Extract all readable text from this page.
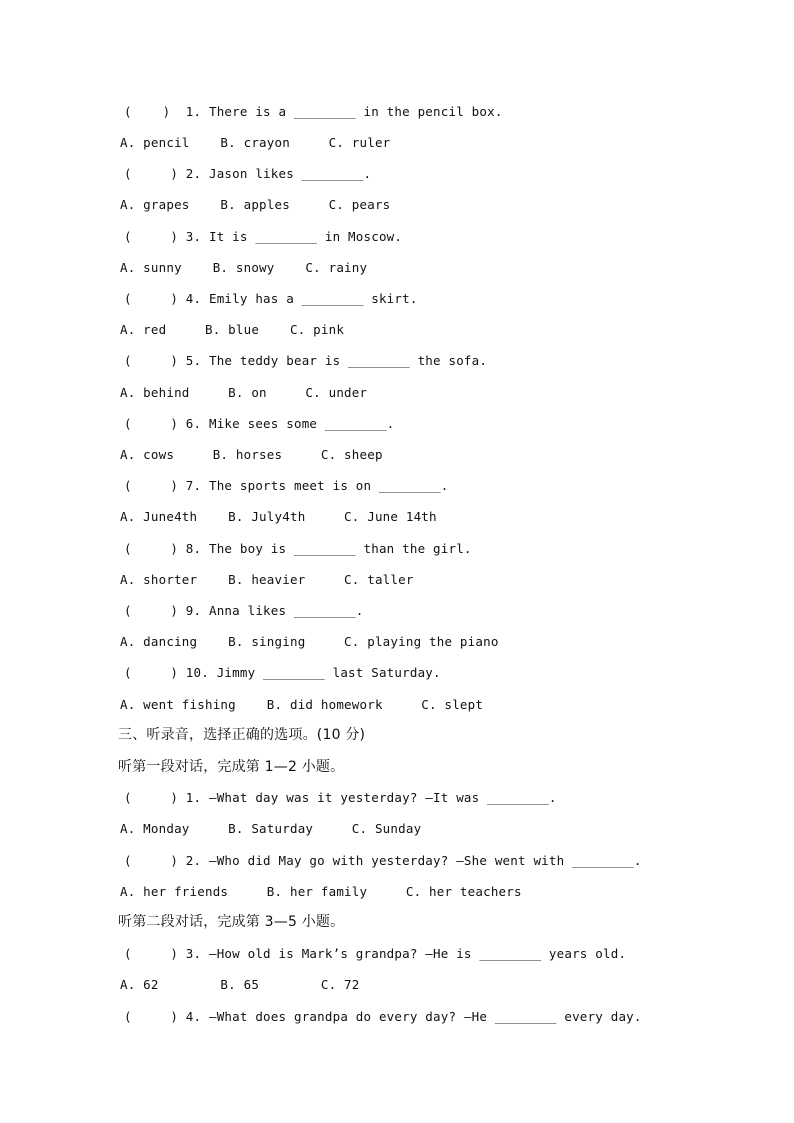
(    )  1. There is a ________ in the pencil box.
A. pencil    B. crayon     C. ruler
(     ) 2. Jason likes ________.
A. grapes    B. apples     C. pears
(     ) 3. It is ________ in Moscow.
A. sunny    B. snowy    C. rainy
(     ) 4. Emily has a ________ skirt.
A. red     B. blue    C. pink
(     ) 5. The teddy bear is ________ the sofa.
A. behind     B. on     C. under
(     ) 6. Mike sees some ________.
A. cows     B. horses     C. sheep
(     ) 7. The sports meet is on ________.
A. June4th    B. July4th     C. June 14th
(     ) 8. The boy is ________ than the girl.
A. shorter    B. heavier     C. taller
(     ) 9. Anna likes ________.
A. dancing    B. singing     C. playing the piano
(     ) 10. Jimmy ________ last Saturday.
A. went fishing    B. did homework     C. slept
三、听录音，选择正确的选项。(10 分)
听第一段对话，完成第 1—2 小题。
(     ) 1. —What day was it yesterday? —It was ________.
A. Monday     B. Saturday     C. Sunday
(     ) 2. —Who did May go with yesterday? —She went with ________.
A. her friends     B. her family     C. her teachers
听第二段对话，完成第 3—5 小题。
(     ) 3. —How old is Mark’s grandpa? —He is ________ years old.
A. 62        B. 65        C. 72
(     ) 4. —What does grandpa do every day? —He ________ every day.
